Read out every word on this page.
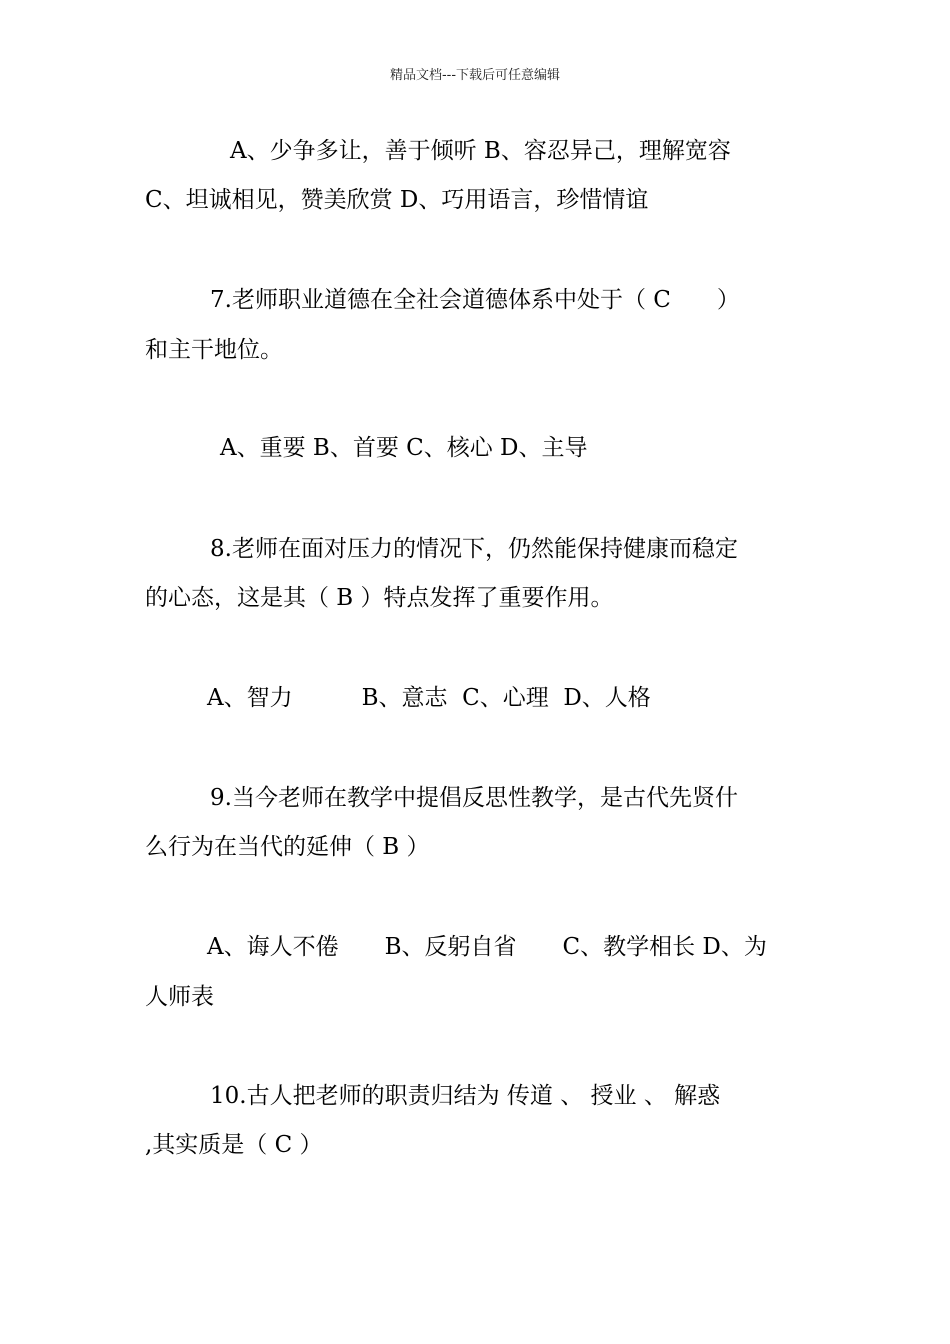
精品文档---下载后可任意编辑
A、少争多让，善于倾听 B、容忍异己，理解宽容
C、坦诚相见，赞美欣赏 D、巧用语言，珍惜情谊
7.老师职业道德在全社会道德体系中处于（ C　　）
和主干地位。
A、重要 B、首要 C、核心 D、主导
8.老师在面对压力的情况下，仍然能保持健康而稳定
的心态，这是其（ B ）特点发挥了重要作用。
A、智力　　　B、意志  C、心理  D、人格
9.当今老师在教学中提倡反思性教学，是古代先贤什
么行为在当代的延伸（ B ）
A、诲人不倦　　B、反躬自省　　C、教学相长 D、为
人师表
10.古人把老师的职责归结为 传道 、 授业 、 解惑
,其实质是（ C ）
